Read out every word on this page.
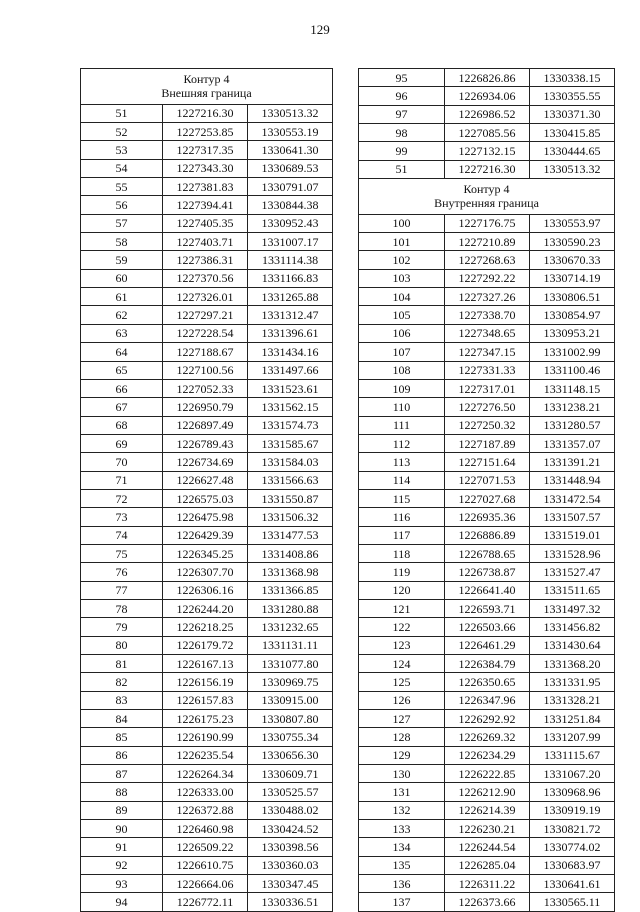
129
Контур 4
Внешняя граница		

51	1227216.30	1330513.32
52	1227253.85	1330553.19
53	1227317.35	1330641.30
54	1227343.30	1330689.53
55	1227381.83	1330791.07
56	1227394.41	1330844.38
57	1227405.35	1330952.43
58	1227403.71	1331007.17
59	1227386.31	1331114.38
60	1227370.56	1331166.83
61	1227326.01	1331265.88
62	1227297.21	1331312.47
63	1227228.54	1331396.61
64	1227188.67	1331434.16
65	1227100.56	1331497.66
66	1227052.33	1331523.61
67	1226950.79	1331562.15
68	1226897.49	1331574.73
69	1226789.43	1331585.67
70	1226734.69	1331584.03
71	1226627.48	1331566.63
72	1226575.03	1331550.87
73	1226475.98	1331506.32
74	1226429.39	1331477.53
75	1226345.25	1331408.86
76	1226307.70	1331368.98
77	1226306.16	1331366.85
78	1226244.20	1331280.88
79	1226218.25	1331232.65
80	1226179.72	1331131.11
81	1226167.13	1331077.80
82	1226156.19	1330969.75
83	1226157.83	1330915.00
84	1226175.23	1330807.80
85	1226190.99	1330755.34
86	1226235.54	1330656.30
87	1226264.34	1330609.71
88	1226333.00	1330525.57
89	1226372.88	1330488.02
90	1226460.98	1330424.52
91	1226509.22	1330398.56
92	1226610.75	1330360.03
93	1226664.06	1330347.45
94	1226772.11	1330336.51
95	1226826.86	1330338.15
96	1226934.06	1330355.55
97	1226986.52	1330371.30
98	1227085.56	1330415.85
99	1227132.15	1330444.65
51	1227216.30	1330513.32

Контур 4
Внутренняя граница		

100	1227176.75	1330553.97
101	1227210.89	1330590.23
102	1227268.63	1330670.33
103	1227292.22	1330714.19
104	1227327.26	1330806.51
105	1227338.70	1330854.97
106	1227348.65	1330953.21
107	1227347.15	1331002.99
108	1227331.33	1331100.46
109	1227317.01	1331148.15
110	1227276.50	1331238.21
111	1227250.32	1331280.57
112	1227187.89	1331357.07
113	1227151.64	1331391.21
114	1227071.53	1331448.94
115	1227027.68	1331472.54
116	1226935.36	1331507.57
117	1226886.89	1331519.01
118	1226788.65	1331528.96
119	1226738.87	1331527.47
120	1226641.40	1331511.65
121	1226593.71	1331497.32
122	1226503.66	1331456.82
123	1226461.29	1331430.64
124	1226384.79	1331368.20
125	1226350.65	1331331.95
126	1226347.96	1331328.21
127	1226292.92	1331251.84
128	1226269.32	1331207.99
129	1226234.29	1331115.67
130	1226222.85	1331067.20
131	1226212.90	1330968.96
132	1226214.39	1330919.19
133	1226230.21	1330821.72
134	1226244.54	1330774.02
135	1226285.04	1330683.97
136	1226311.22	1330641.61
137	1226373.66	1330565.11
